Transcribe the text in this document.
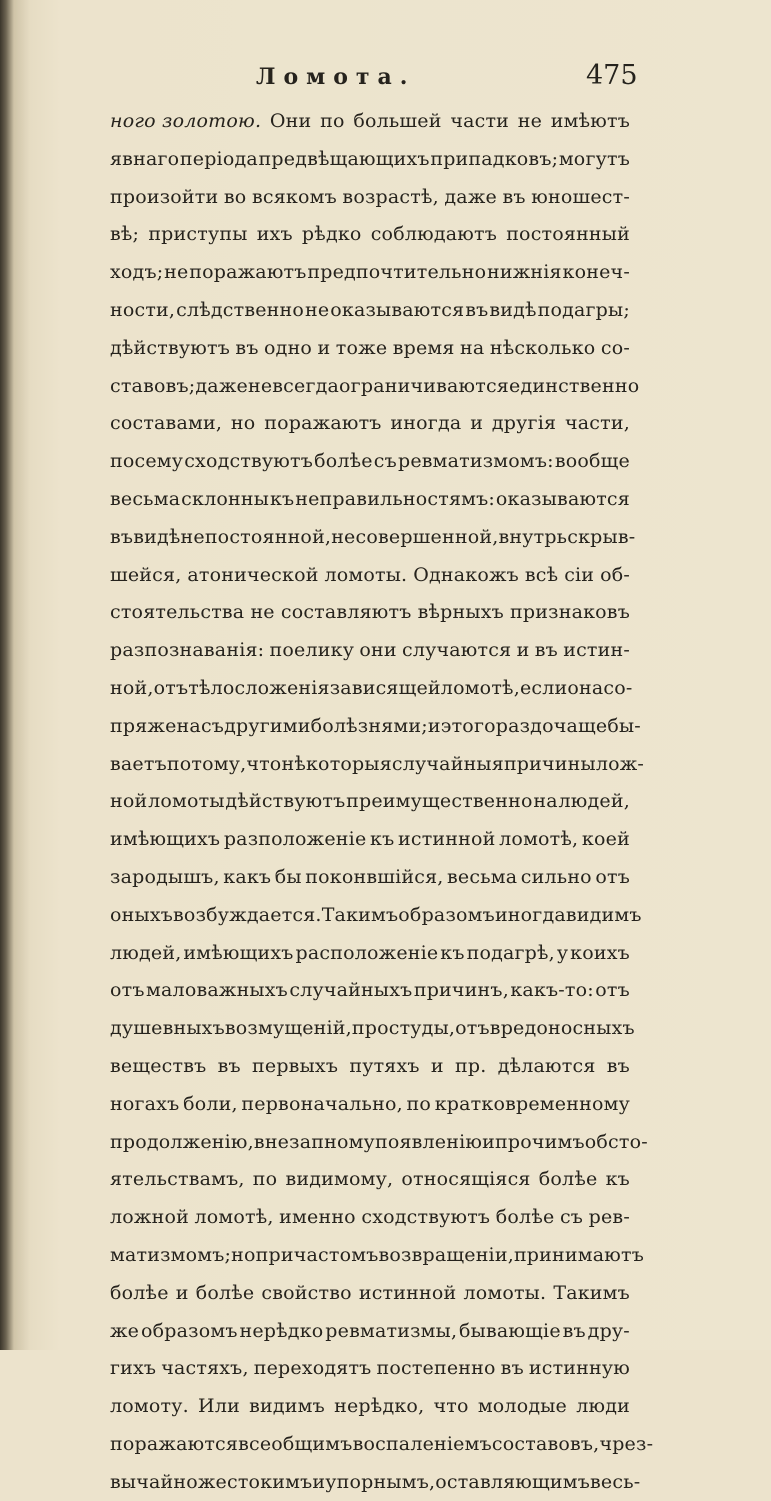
Ломота.	475
ного золотою. Они по большей части не имѣютъ
явнаго періода предвѣщающихъ припадковъ; могутъ
произойти во всякомъ возрастѣ, даже въ юношест-
вѣ; приступы ихъ рѣдко соблюдаютъ постоянный
ходъ; не поражаютъ предпочтительно нижнія конеч-
ности, слѣдственно не оказываются въ видѣ подагры;
дѣйствуютъ въ одно и тоже время на нѣсколько со-
ставовъ; даже невсегда ограничиваются единственно
составами, но поражаютъ иногда и другія части,
посему сходствуютъ болѣе съ ревматизмомъ: вообще
весьма склонны къ неправильностямъ: оказываются
въ видѣ непостоянной, несовершенной, внутрь скрыв-
шейся, атонической ломоты. Однакожъ всѣ сіи об-
стоятельства не составляютъ вѣрныхъ признаковъ
разпознаванія: поелику они случаются и въ истин-
ной, отъ тѣлосложенія зависящей ломотѣ, если она со-
пряжена съ другими болѣзнями; и это гораздо чаще бы-
ваетъ потому, что нѣкоторыя случайныя причины лож-
ной ломоты дѣйствуютъ преимущественно на людей,
имѣющихъ разположеніе къ истинной ломотѣ, коей
зародышъ, какъ бы поконвшійся, весьма сильно отъ
оныхъ возбуждается. Такимъ образомъ иногда видимъ
людей, имѣющихъ расположеніе къ подагрѣ, у коихъ
отъ маловажныхъ случайныхъ причинъ, какъ-то: отъ
душевныхъ возмущеній, простуды, отъ вредоносныхъ
веществъ въ первыхъ путяхъ и пр. дѣлаются въ
ногахъ боли, первоначально, по кратковременному
продолженію, внезапному появленію и прочимъ обсто-
ятельствамъ, по видимому, относящіяся болѣе къ
ложной ломотѣ, именно сходствуютъ болѣе съ рев-
матизмомъ; но при частомъ возвращеніи, принимаютъ
болѣе и болѣе свойство истинной ломоты. Такимъ
же образомъ нерѣдко ревматизмы, бывающіе въ дру-
гихъ частяхъ, переходятъ постепенно въ истинную
ломоту. Или видимъ нерѣдко, что молодые люди
поражаются всеобщимъ воспаленіемъ составовъ, чрез-
вычайно жестокимъ и упорнымъ, оставляющимъ весь-
